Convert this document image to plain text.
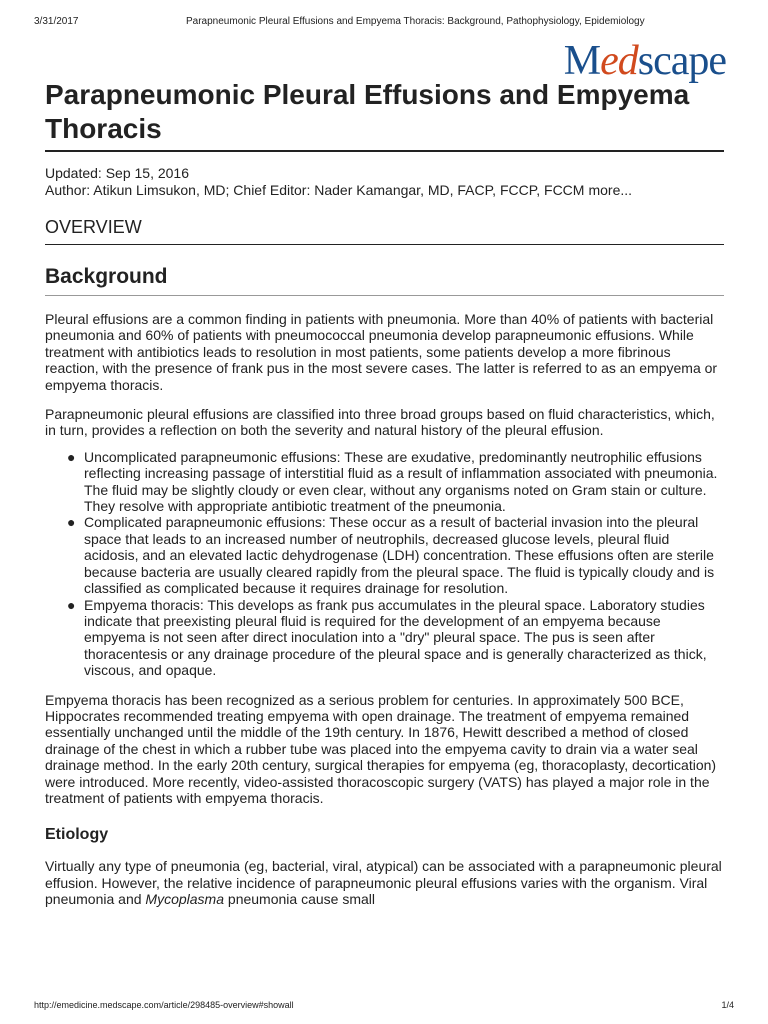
3/31/2017	Parapneumonic Pleural Effusions and Empyema Thoracis: Background, Pathophysiology, Epidemiology
Medscape
Parapneumonic Pleural Effusions and Empyema Thoracis
Updated: Sep 15, 2016
Author: Atikun Limsukon, MD; Chief Editor: Nader Kamangar, MD, FACP, FCCP, FCCM more...
OVERVIEW
Background

Pleural effusions are a common finding in patients with pneumonia. More than 40% of patients with bacterial pneumonia and 60% of patients with pneumococcal pneumonia develop parapneumonic effusions. While treatment with antibiotics leads to resolution in most patients, some patients develop a more fibrinous reaction, with the presence of frank pus in the most severe cases. The latter is referred to as an empyema or empyema thoracis.

Parapneumonic pleural effusions are classified into three broad groups based on fluid characteristics, which, in turn, provides a reflection on both the severity and natural history of the pleural effusion.

● Uncomplicated parapneumonic effusions: These are exudative, predominantly neutrophilic effusions reflecting increasing passage of interstitial fluid as a result of inflammation associated with pneumonia. The fluid may be slightly cloudy or even clear, without any organisms noted on Gram stain or culture. They resolve with appropriate antibiotic treatment of the pneumonia.
● Complicated parapneumonic effusions: These occur as a result of bacterial invasion into the pleural space that leads to an increased number of neutrophils, decreased glucose levels, pleural fluid acidosis, and an elevated lactic dehydrogenase (LDH) concentration. These effusions often are sterile because bacteria are usually cleared rapidly from the pleural space. The fluid is typically cloudy and is classified as complicated because it requires drainage for resolution.
● Empyema thoracis: This develops as frank pus accumulates in the pleural space. Laboratory studies indicate that preexisting pleural fluid is required for the development of an empyema because empyema is not seen after direct inoculation into a "dry" pleural space. The pus is seen after thoracentesis or any drainage procedure of the pleural space and is generally characterized as thick, viscous, and opaque.

Empyema thoracis has been recognized as a serious problem for centuries. In approximately 500 BCE, Hippocrates recommended treating empyema with open drainage. The treatment of empyema remained essentially unchanged until the middle of the 19th century. In 1876, Hewitt described a method of closed drainage of the chest in which a rubber tube was placed into the empyema cavity to drain via a water seal drainage method. In the early 20th century, surgical therapies for empyema (eg, thoracoplasty, decortication) were introduced. More recently, video-assisted thoracoscopic surgery (VATS) has played a major role in the treatment of patients with empyema thoracis.

Etiology

Virtually any type of pneumonia (eg, bacterial, viral, atypical) can be associated with a parapneumonic pleural effusion. However, the relative incidence of parapneumonic pleural effusions varies with the organism. Viral pneumonia and Mycoplasma pneumonia cause small

http://emedicine.medscape.com/article/298485-overview#showall	1/4
